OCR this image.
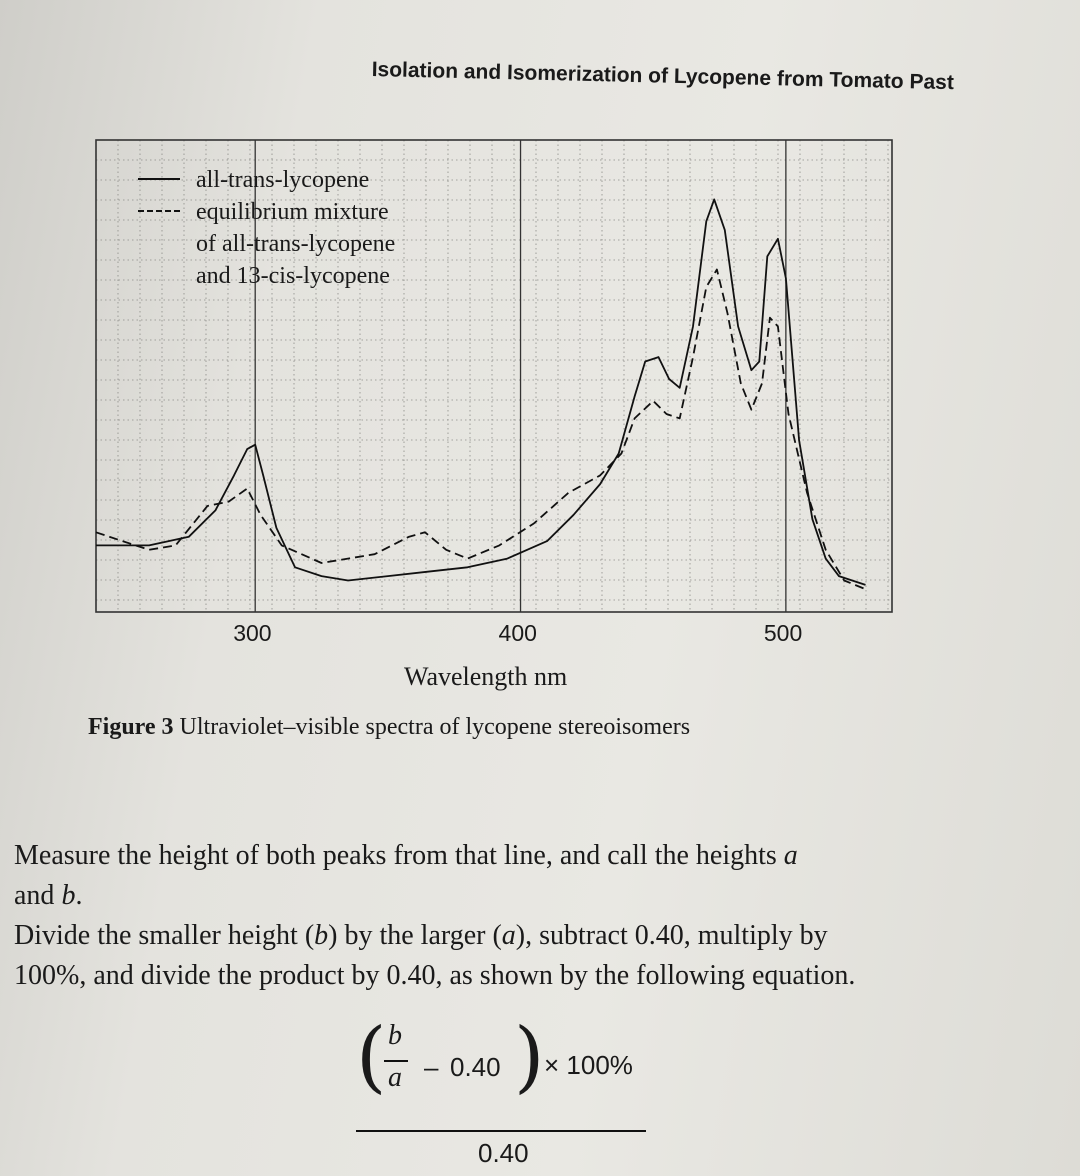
Isolation and Isomerization of Lycopene from Tomato Past
all-trans-lycopene
equilibrium mixture
of all-trans-lycopene
and 13-cis-lycopene
300	400	500
Wavelength nm
Figure 3 Ultraviolet–visible spectra of lycopene stereoisomers

Measure the height of both peaks from that line, and call the heights a

and b.

Divide the smaller height (b) by the larger (a), subtract 0.40, multiply by

100%, and divide the product by 0.40, as shown by the following equation.

( b
a – 0.40 ) × 100%
0.40
